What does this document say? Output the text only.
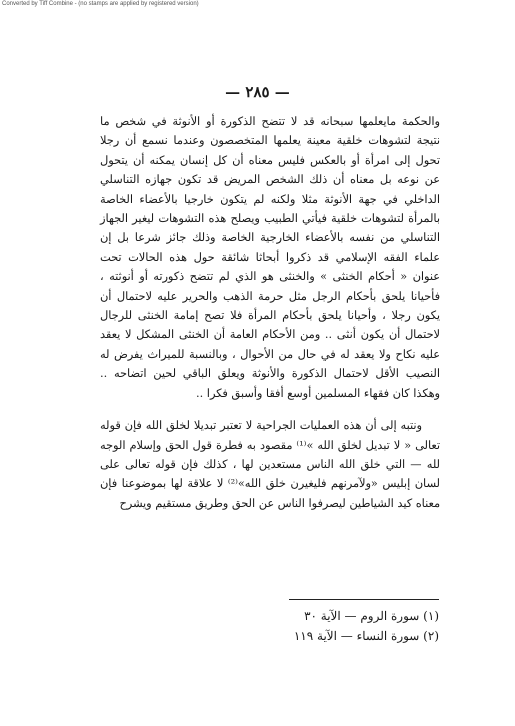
Converted by Tiff Combine - (no stamps are applied by registered version)
— ٢٨٥ —

والحكمة مايعلمها سبحانه قد لا تتضح الذكورة أو الأنوثة في شخص ما نتيجة لتشوهات خلقية معينة يعلمها المتخصصون وعندما نسمع أن رجلا تحول إلى امرأة أو بالعكس فليس معناه أن كل إنسان يمكنه أن يتحول عن نوعه بل معناه أن ذلك الشخص المريض قد تكون جهازه التناسلي الداخلي في جهة الأنوثة مثلا ولكنه لم يتكون خارجيا بالأعضاء الخاصة بالمرأة لتشوهات خلقية فيأتي الطبيب ويصلح هذه التشوهات ليغير الجهاز التناسلي من نفسه بالأعضاء الخارجية الخاصة وذلك جائز شرعا بل إن علماء الفقه الإسلامي قد ذكروا أبحاثا شائقة حول هذه الحالات تحت عنوان « أحكام الخنثى » والخنثى هو الذي لم تتضح ذكورته أو أنوثته ، فأحيانا يلحق بأحكام الرجل مثل حرمة الذهب والحرير عليه لاحتمال أن يكون رجلا ، وأحيانا يلحق بأحكام المرأة فلا تصح إمامة الخنثى للرجال لاحتمال أن يكون أنثى .. ومن الأحكام العامة أن الخنثى المشكل لا يعقد عليه نكاح ولا يعقد له في حال من الأحوال ، وبالنسبة للميراث يفرض له النصيب الأقل لاحتمال الذكورة والأنوثة ويعلق الباقي لحين اتضاحه .. وهكذا كان فقهاء المسلمين أوسع أفقا وأسبق فكرا ..

ونتبه إلى أن هذه العمليات الجراحية لا تعتبر تبديلا لخلق الله فإن قوله تعالى « لا تبديل لخلق الله »⁽¹⁾ مقصود به فطرة قول الحق وإسلام الوجه لله — التي خلق الله الناس مستعدين لها ، كذلك فإن قوله تعالى على لسان إبليس «ولآمرنهم فليغيرن خلق الله»⁽²⁾ لا علاقة لها بموضوعنا فإن معناه كيد الشياطين ليصرفوا الناس عن الحق وطريق مستقيم ويشرح

(١) سورة الروم — الآية ٣٠
(٢) سورة النساء — الآية ١١٩
